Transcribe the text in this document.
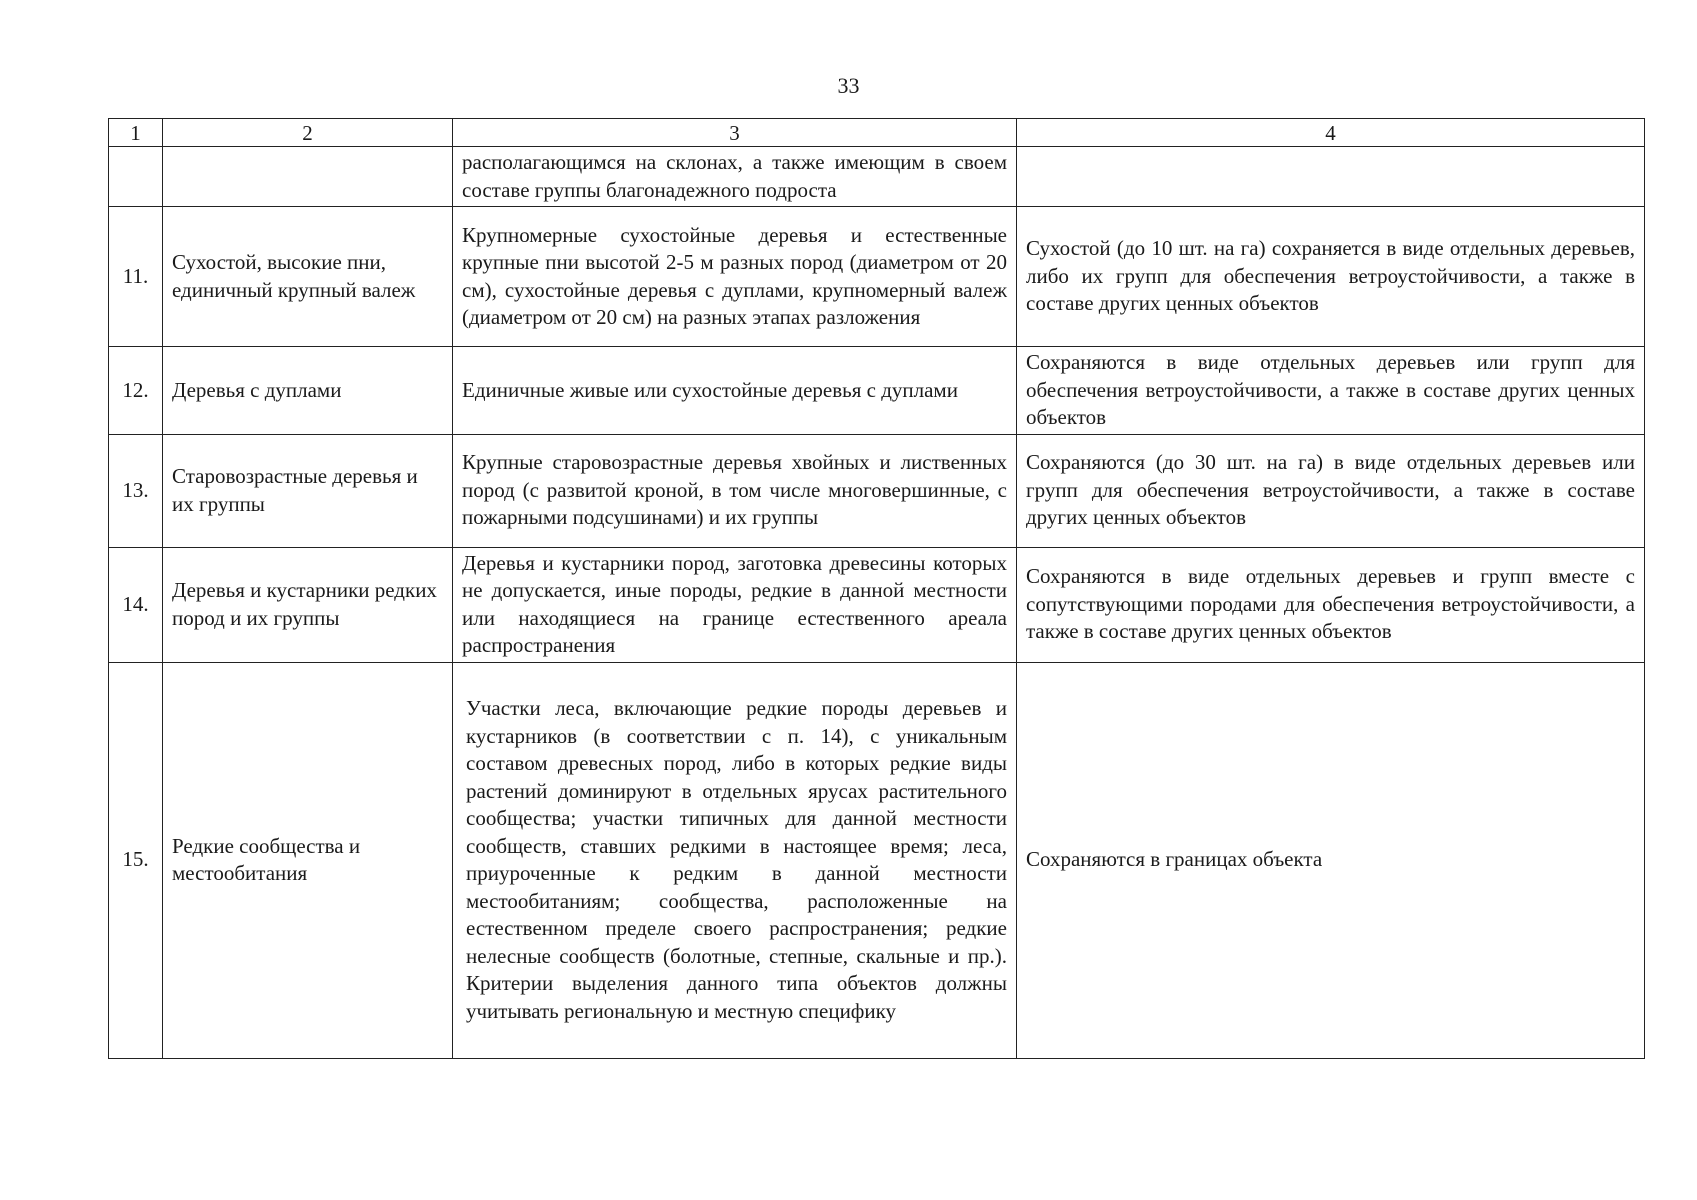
33
1	2	3	4
		располагающимся на склонах, а также имеющим в своем составе группы благонадежного подроста	
11.	Сухостой, высокие пни, единичный крупный валеж	Крупномерные сухостойные деревья и естественные крупные пни высотой 2-5 м разных пород (диаметром от 20 см), сухостойные деревья с дуплами, крупномерный валеж (диаметром от 20 см) на разных этапах разложения	Сухостой (до 10 шт. на га) сохраняется в виде отдельных деревьев, либо их групп для обеспечения ветроустойчивости, а также в составе других ценных объектов
12.	Деревья с дуплами	Единичные живые или сухостойные деревья с дуплами	Сохраняются в виде отдельных деревьев или групп для обеспечения ветроустойчивости, а также в составе других ценных объектов
13.	Старовозрастные деревья и их группы	Крупные старовозрастные деревья хвойных и лиственных пород (с развитой кроной, в том числе многовершинные, с пожарными подсушинами) и их группы	Сохраняются (до 30 шт. на га) в виде отдельных деревьев или групп для обеспечения ветроустойчивости, а также в составе других ценных объектов
14.	Деревья и кустарники редких пород и их группы	Деревья и кустарники пород, заготовка древесины которых не допускается, иные породы, редкие в данной местности или находящиеся на границе естественного ареала распространения	Сохраняются в виде отдельных деревьев и групп вместе с сопутствующими породами для обеспечения ветроустойчивости, а также в составе других ценных объектов
15.	Редкие сообщества и местообитания	Участки леса, включающие редкие породы деревьев и кустарников (в соответствии с п. 14), с уникальным составом древесных пород, либо в которых редкие виды растений доминируют в отдельных ярусах растительного сообщества; участки типичных для данной местности сообществ, ставших редкими в настоящее время; леса, приуроченные к редким в данной местности местообитаниям; сообщества, расположенные на естественном пределе своего распространения; редкие нелесные сообществ (болотные, степные, скальные и пр.). Критерии выделения данного типа объектов должны учитывать региональную и местную специфику	Сохраняются в границах объекта
